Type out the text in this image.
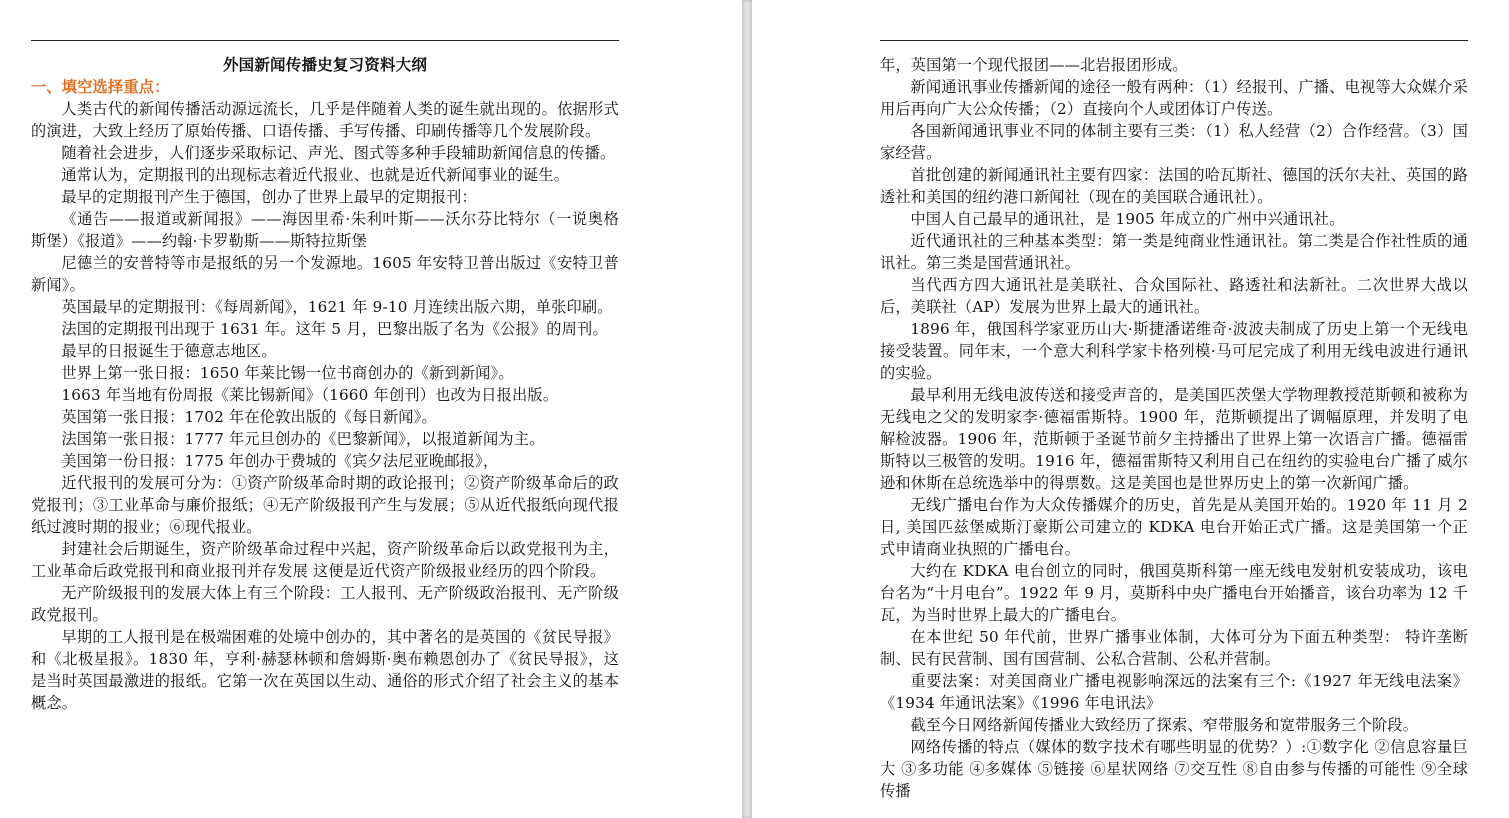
外国新闻传播史复习资料大纲

一、填空选择重点：

人类古代的新闻传播活动源远流长，几乎是伴随着人类的诞生就出现的。依据形式的演进，大致上经历了原始传播、口语传播、手写传播、印刷传播等几个发展阶段。

随着社会进步，人们逐步采取标记、声光、图式等多种手段辅助新闻信息的传播。

通常认为，定期报刊的出现标志着近代报业、也就是近代新闻事业的诞生。

最早的定期报刊产生于德国，创办了世界上最早的定期报刊：

《通告——报道或新闻报》——海因里希·朱利叶斯——沃尔芬比特尔（一说奥格斯堡）《报道》——约翰·卡罗勒斯——斯特拉斯堡

尼德兰的安普特等市是报纸的另一个发源地。1605 年安特卫普出版过《安特卫普新闻》。

英国最早的定期报刊：《每周新闻》，1621 年 9-10 月连续出版六期，单张印刷。

法国的定期报刊出现于 1631 年。这年 5 月，巴黎出版了名为《公报》的周刊。

最早的日报诞生于德意志地区。

世界上第一张日报：1650 年莱比锡一位书商创办的《新到新闻》。

1663 年当地有份周报《莱比锡新闻》（1660 年创刊）也改为日报出版。

英国第一张日报：1702 年在伦敦出版的《每日新闻》。

法国第一张日报：1777 年元旦创办的《巴黎新闻》，以报道新闻为主。

美国第一份日报：1775 年创办于费城的《宾夕法尼亚晚邮报》，

近代报刊的发展可分为：①资产阶级革命时期的政论报刊；②资产阶级革命后的政党报刊；③工业革命与廉价报纸；④无产阶级报刊产生与发展；⑤从近代报纸向现代报纸过渡时期的报业；⑥现代报业。

封建社会后期诞生，资产阶级革命过程中兴起，资产阶级革命后以政党报刊为主，工业革命后政党报刊和商业报刊并存发展 这便是近代资产阶级报业经历的四个阶段。

无产阶级报刊的发展大体上有三个阶段：工人报刊、无产阶级政治报刊、无产阶级政党报刊。

早期的工人报刊是在极端困难的处境中创办的，其中著名的是英国的《贫民导报》和《北极星报》。1830 年，亨利·赫瑟林顿和詹姆斯·奥布赖恩创办了《贫民导报》，这是当时英国最激进的报纸。它第一次在英国以生动、通俗的形式介绍了社会主义的基本概念。

年，英国第一个现代报团——北岩报团形成。

新闻通讯事业传播新闻的途径一般有两种：（1）经报刊、广播、电视等大众媒介采用后再向广大公众传播；（2）直接向个人或团体订户传送。

各国新闻通讯事业不同的体制主要有三类：（1）私人经营（2）合作经营。（3）国家经营。

首批创建的新闻通讯社主要有四家：法国的哈瓦斯社、德国的沃尔夫社、英国的路透社和美国的纽约港口新闻社（现在的美国联合通讯社）。

中国人自己最早的通讯社，是 1905 年成立的广州中兴通讯社。

近代通讯社的三种基本类型：第一类是纯商业性通讯社。第二类是合作社性质的通讯社。第三类是国营通讯社。

当代西方四大通讯社是美联社、合众国际社、路透社和法新社。二次世界大战以后，美联社（AP）发展为世界上最大的通讯社。

1896 年，俄国科学家亚历山大·斯捷潘诺维奇·波波夫制成了历史上第一个无线电接受装置。同年末，一个意大利科学家卡格列模·马可尼完成了利用无线电波进行通讯的实验。

最早利用无线电波传送和接受声音的，是美国匹茨堡大学物理教授范斯顿和被称为无线电之父的发明家李·德福雷斯特。1900 年，范斯顿提出了调幅原理，并发明了电解检波器。1906 年，范斯顿于圣诞节前夕主持播出了世界上第一次语言广播。德福雷斯特以三极管的发明。1916 年，德福雷斯特又利用自己在纽约的实验电台广播了威尔逊和休斯在总统选举中的得票数。这是美国也是世界历史上的第一次新闻广播。

无线广播电台作为大众传播媒介的历史，首先是从美国开始的。1920 年 11 月 2 日, 美国匹兹堡威斯汀豪斯公司建立的 KDKA 电台开始正式广播。这是美国第一个正式申请商业执照的广播电台。

大约在 KDKA 电台创立的同时，俄国莫斯科第一座无线电发射机安装成功，该电台名为“十月电台”。1922 年 9 月，莫斯科中央广播电台开始播音，该台功率为 12 千瓦，为当时世界上最大的广播电台。

在本世纪 50 年代前，世界广播事业体制，大体可分为下面五种类型： 特许垄断制、民有民营制、国有国营制、公私合营制、公私并营制。

重要法案：对美国商业广播电视影响深远的法案有三个:《1927 年无线电法案》《1934 年通讯法案》《1996 年电讯法》

截至今日网络新闻传播业大致经历了探索、窄带服务和宽带服务三个阶段。

网络传播的特点（媒体的数字技术有哪些明显的优势？）:①数字化 ②信息容量巨大 ③多功能 ④多媒体 ⑤链接 ⑥星状网络 ⑦交互性 ⑧自由参与传播的可能性 ⑨全球传播
